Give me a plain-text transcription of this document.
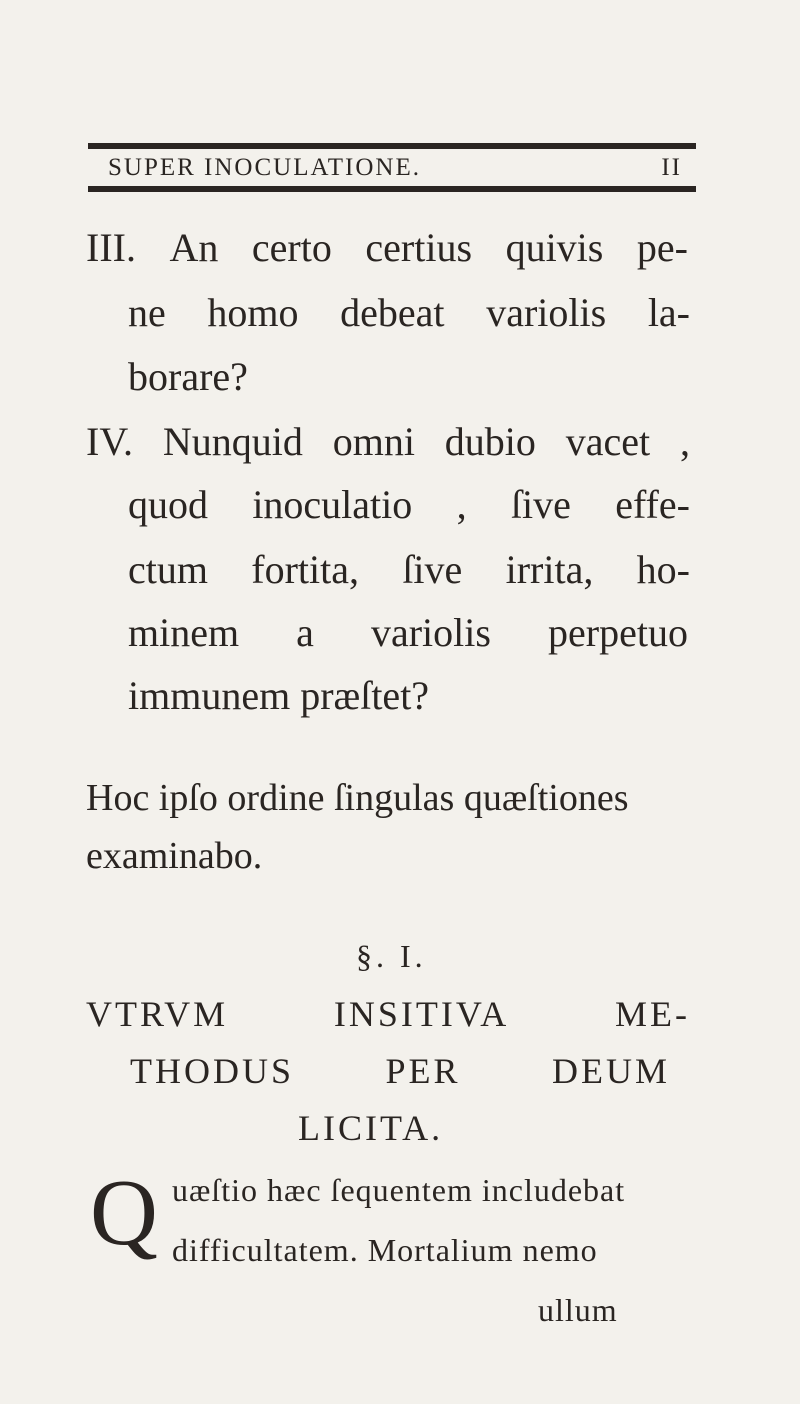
SUPER INOCULATIONE.	II
III. An certo certius quivis pe-
ne homo debeat variolis la-
borare?
IV. Nunquid omni dubio vacet ,
quod inoculatio , ſive effe-
ctum fortita, ſive irrita, ho-
minem a variolis perpetuo
immunem præſtet?
Hoc ipſo ordine ſingulas quæſtiones
examinabo.
§. I.
VTRVM	INSITIVA	ME-
THODUS	PER	DEUM
LICITA.
Q uæſtio hæc ſequentem includebat
difficultatem. Mortalium nemo
ullum
